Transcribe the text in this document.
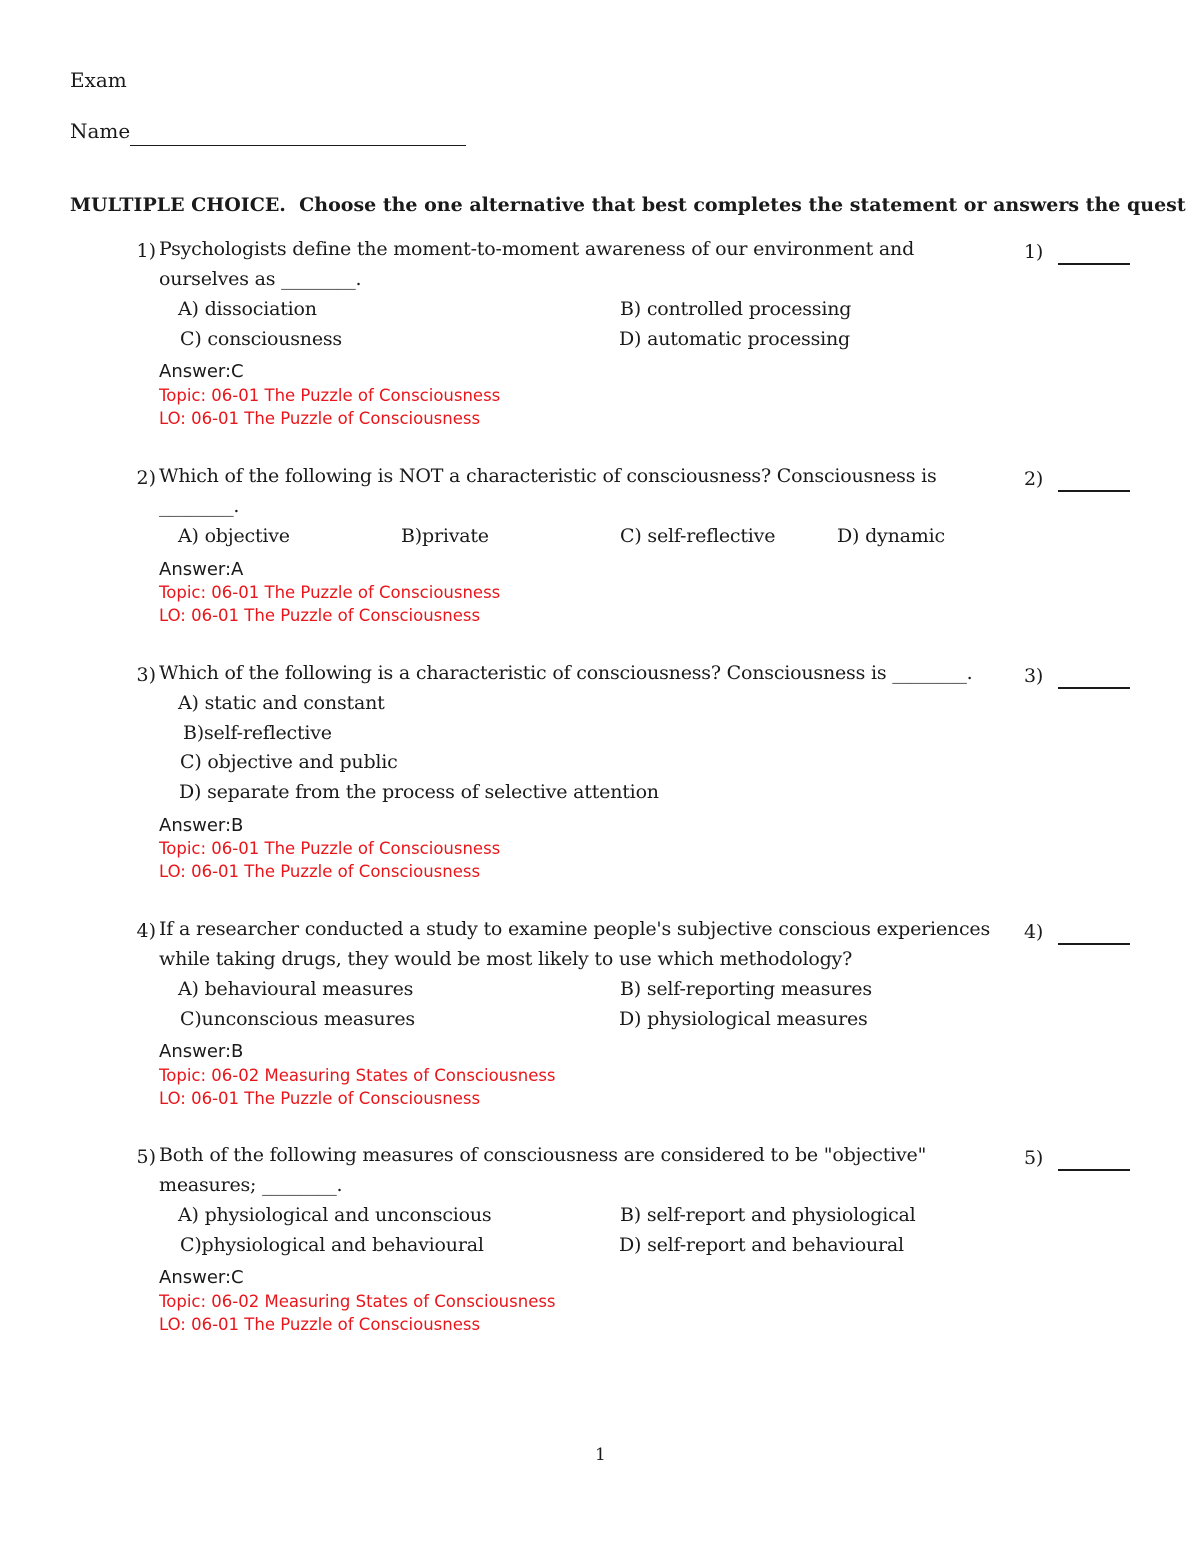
Exam
Name
MULTIPLE CHOICE. Choose the one alternative that best completes the statement or answers the quest
1) Psychologists define the moment-to-moment awareness of our environment and
ourselves as ________.
A) dissociation	B) controlled processing
C) consciousness	D) automatic processing
Answer:C
Topic: 06-01 The Puzzle of Consciousness
LO: 06-01 The Puzzle of Consciousness
1)
2) Which of the following is NOT a characteristic of consciousness? Consciousness is
________.
A) objective	B)private	C) self-reflective	D) dynamic
Answer:A
Topic: 06-01 The Puzzle of Consciousness
LO: 06-01 The Puzzle of Consciousness
2)
3) Which of the following is a characteristic of consciousness? Consciousness is ________.
A) static and constant
B)self-reflective
C) objective and public
D) separate from the process of selective attention
Answer:B
Topic: 06-01 The Puzzle of Consciousness
LO: 06-01 The Puzzle of Consciousness
3)
4) If a researcher conducted a study to examine people's subjective conscious experiences
while taking drugs, they would be most likely to use which methodology?
A) behavioural measures	B) self-reporting measures
C)unconscious measures	D) physiological measures
Answer:B
Topic: 06-02 Measuring States of Consciousness
LO: 06-01 The Puzzle of Consciousness
4)
5) Both of the following measures of consciousness are considered to be "objective"
measures; ________.
A) physiological and unconscious	B) self-report and physiological
C)physiological and behavioural	D) self-report and behavioural
Answer:C
Topic: 06-02 Measuring States of Consciousness
LO: 06-01 The Puzzle of Consciousness
5)
1
